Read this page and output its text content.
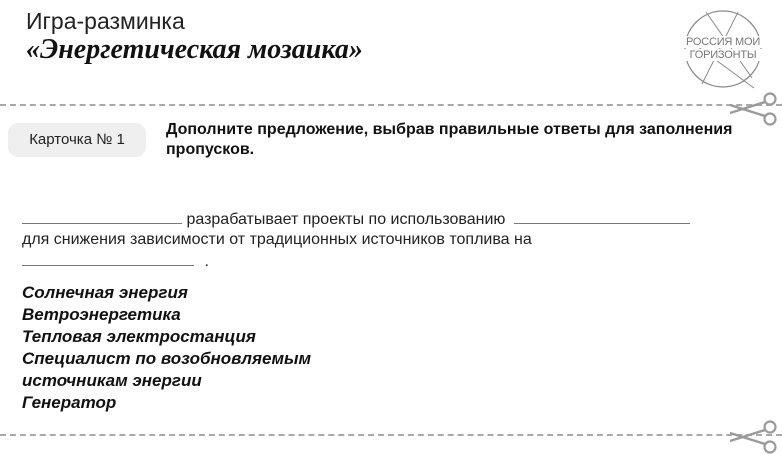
Игра-разминка
«Энергетическая мозаика»	РОССИЯ МОИ
ГОРИЗОНТЫ
Карточка № 1
Дополните предложение, выбрав правильные ответы для заполнения пропусков.
разрабатывает проекты по использованию
для снижения зависимости от традиционных источников топлива на
.
Солнечная энергия
Ветроэнергетика
Тепловая электростанция
Специалист по возобновляемым
источникам энергии
Генератор
